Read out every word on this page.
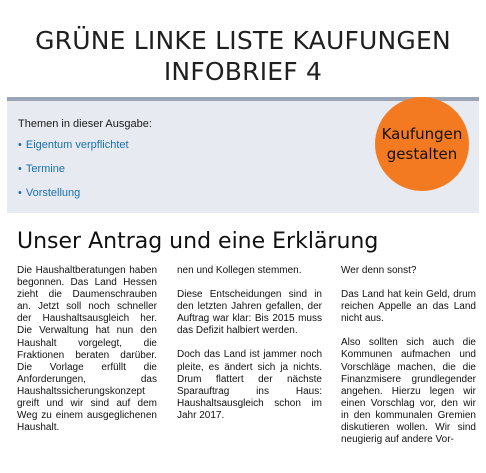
GRÜNE LINKE LISTE KAUFUNGEN
INFOBRIEF 4
Themen in dieser Ausgabe:
• Eigentum verpflichtet
• Termine
• Vorstellung
Kaufungen
gestalten
Unser Antrag und eine Erklärung

Die Haushaltberatungen haben begonnen. Das Land Hessen zieht die Daumenschrauben an. Jetzt soll noch schneller der Haushaltsausgleich her. Die Verwaltung hat nun den Haushalt vorgelegt, die Fraktionen beraten darüber. Die Vorlage erfüllt die Anforderungen, das Haushaltssicherungskonzept greift und wir sind auf dem Weg zu einem ausgeglichenen Haushalt.

nen und Kollegen stemmen.

Diese Entscheidungen sind in den letzten Jahren gefallen, der Auftrag war klar: Bis 2015 muss das Defizit halbiert werden.

Doch das Land ist jammer noch pleite, es ändert sich ja nichts. Drum flattert der nächste Sparauftrag ins Haus: Haushaltsausgleich schon im Jahr 2017.

Wer denn sonst?

Das Land hat kein Geld, drum reichen Appelle an das Land nicht aus.

Also sollten sich auch die Kommunen aufmachen und Vorschläge machen, die die Finanzmisere grundlegender angehen. Hierzu legen wir einen Vorschlag vor, den wir in den kommunalen Gremien diskutieren wollen. Wir sind neugierig auf andere Vor-
